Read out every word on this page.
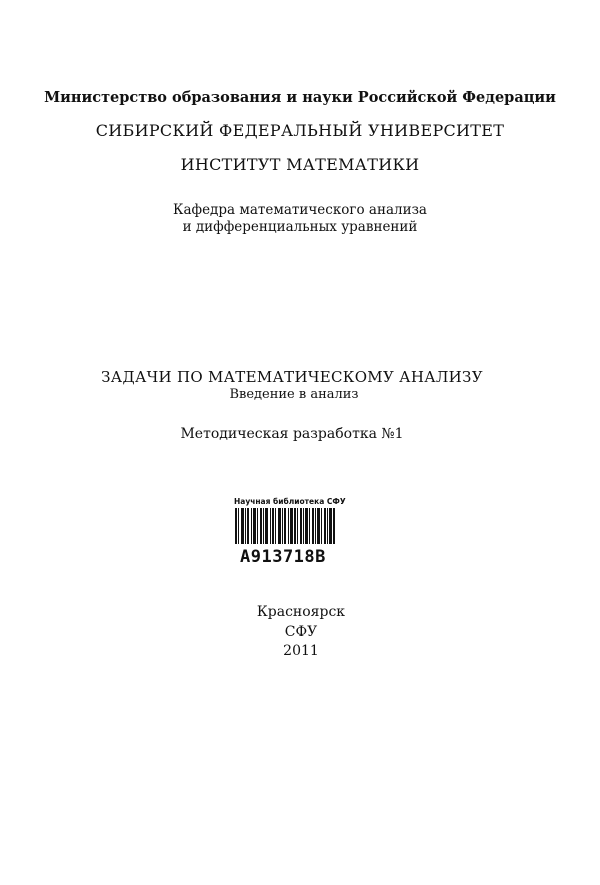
Министерство образования и науки Российской Федерации
СИБИРСКИЙ ФЕДЕРАЛЬНЫЙ УНИВЕРСИТЕТ
ИНСТИТУТ МАТЕМАТИКИ
Кафедра математического анализа
и дифференциальных уравнений
ЗАДАЧИ ПО МАТЕМАТИЧЕСКОМУ АНАЛИЗУ
Введение в анализ
Методическая разработка №1
Научная библиотека СФУ
A913718B
Красноярск
СФУ
2011
